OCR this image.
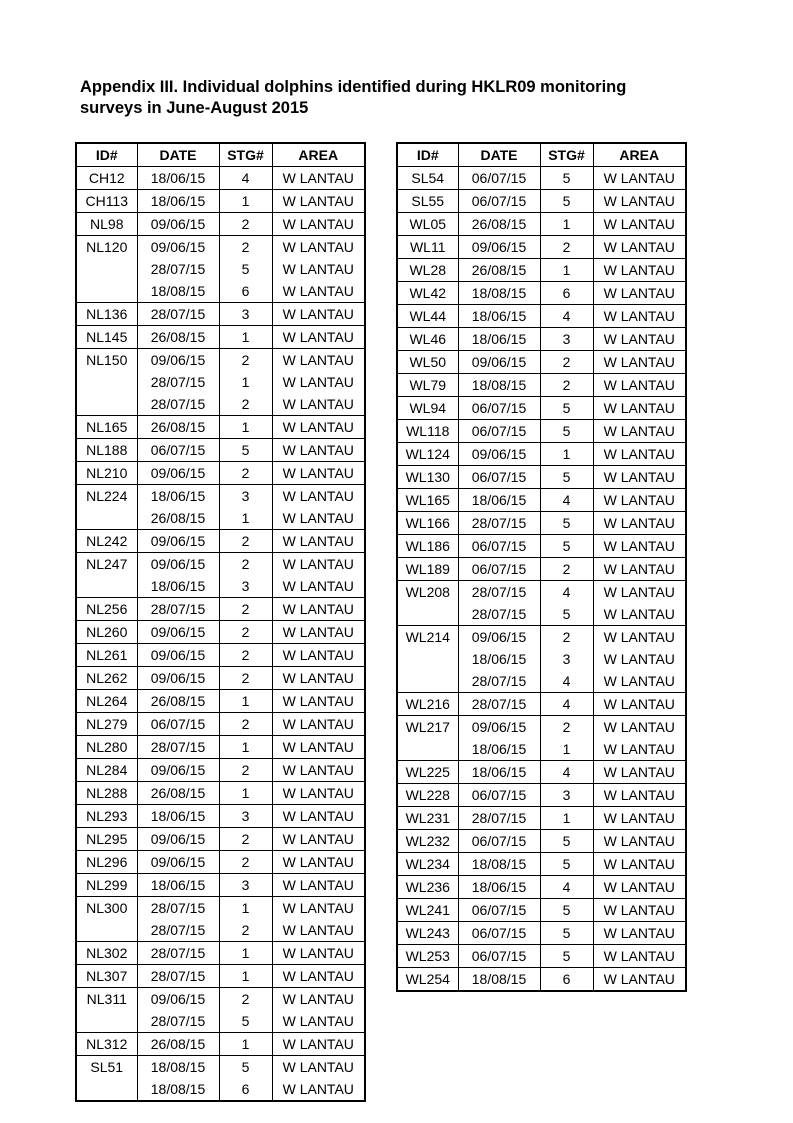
Appendix III. Individual dolphins identified during HKLR09 monitoring
surveys in June-August 2015
ID#	DATE	STG#	AREA
CH12	18/06/15	4	W LANTAU
CH113	18/06/15	1	W LANTAU
NL98	09/06/15	2	W LANTAU
NL120	09/06/15	2	W LANTAU
	28/07/15	5	W LANTAU
	18/08/15	6	W LANTAU
NL136	28/07/15	3	W LANTAU
NL145	26/08/15	1	W LANTAU
NL150	09/06/15	2	W LANTAU
	28/07/15	1	W LANTAU
	28/07/15	2	W LANTAU
NL165	26/08/15	1	W LANTAU
NL188	06/07/15	5	W LANTAU
NL210	09/06/15	2	W LANTAU
NL224	18/06/15	3	W LANTAU
	26/08/15	1	W LANTAU
NL242	09/06/15	2	W LANTAU
NL247	09/06/15	2	W LANTAU
	18/06/15	3	W LANTAU
NL256	28/07/15	2	W LANTAU
NL260	09/06/15	2	W LANTAU
NL261	09/06/15	2	W LANTAU
NL262	09/06/15	2	W LANTAU
NL264	26/08/15	1	W LANTAU
NL279	06/07/15	2	W LANTAU
NL280	28/07/15	1	W LANTAU
NL284	09/06/15	2	W LANTAU
NL288	26/08/15	1	W LANTAU
NL293	18/06/15	3	W LANTAU
NL295	09/06/15	2	W LANTAU
NL296	09/06/15	2	W LANTAU
NL299	18/06/15	3	W LANTAU
NL300	28/07/15	1	W LANTAU
	28/07/15	2	W LANTAU
NL302	28/07/15	1	W LANTAU
NL307	28/07/15	1	W LANTAU
NL311	09/06/15	2	W LANTAU
	28/07/15	5	W LANTAU
NL312	26/08/15	1	W LANTAU
SL51	18/08/15	5	W LANTAU
	18/08/15	6	W LANTAU

ID#	DATE	STG#	AREA
SL54	06/07/15	5	W LANTAU
SL55	06/07/15	5	W LANTAU
WL05	26/08/15	1	W LANTAU
WL11	09/06/15	2	W LANTAU
WL28	26/08/15	1	W LANTAU
WL42	18/08/15	6	W LANTAU
WL44	18/06/15	4	W LANTAU
WL46	18/06/15	3	W LANTAU
WL50	09/06/15	2	W LANTAU
WL79	18/08/15	2	W LANTAU
WL94	06/07/15	5	W LANTAU
WL118	06/07/15	5	W LANTAU
WL124	09/06/15	1	W LANTAU
WL130	06/07/15	5	W LANTAU
WL165	18/06/15	4	W LANTAU
WL166	28/07/15	5	W LANTAU
WL186	06/07/15	5	W LANTAU
WL189	06/07/15	2	W LANTAU
WL208	28/07/15	4	W LANTAU
	28/07/15	5	W LANTAU
WL214	09/06/15	2	W LANTAU
	18/06/15	3	W LANTAU
	28/07/15	4	W LANTAU
WL216	28/07/15	4	W LANTAU
WL217	09/06/15	2	W LANTAU
	18/06/15	1	W LANTAU
WL225	18/06/15	4	W LANTAU
WL228	06/07/15	3	W LANTAU
WL231	28/07/15	1	W LANTAU
WL232	06/07/15	5	W LANTAU
WL234	18/08/15	5	W LANTAU
WL236	18/06/15	4	W LANTAU
WL241	06/07/15	5	W LANTAU
WL243	06/07/15	5	W LANTAU
WL253	06/07/15	5	W LANTAU
WL254	18/08/15	6	W LANTAU
